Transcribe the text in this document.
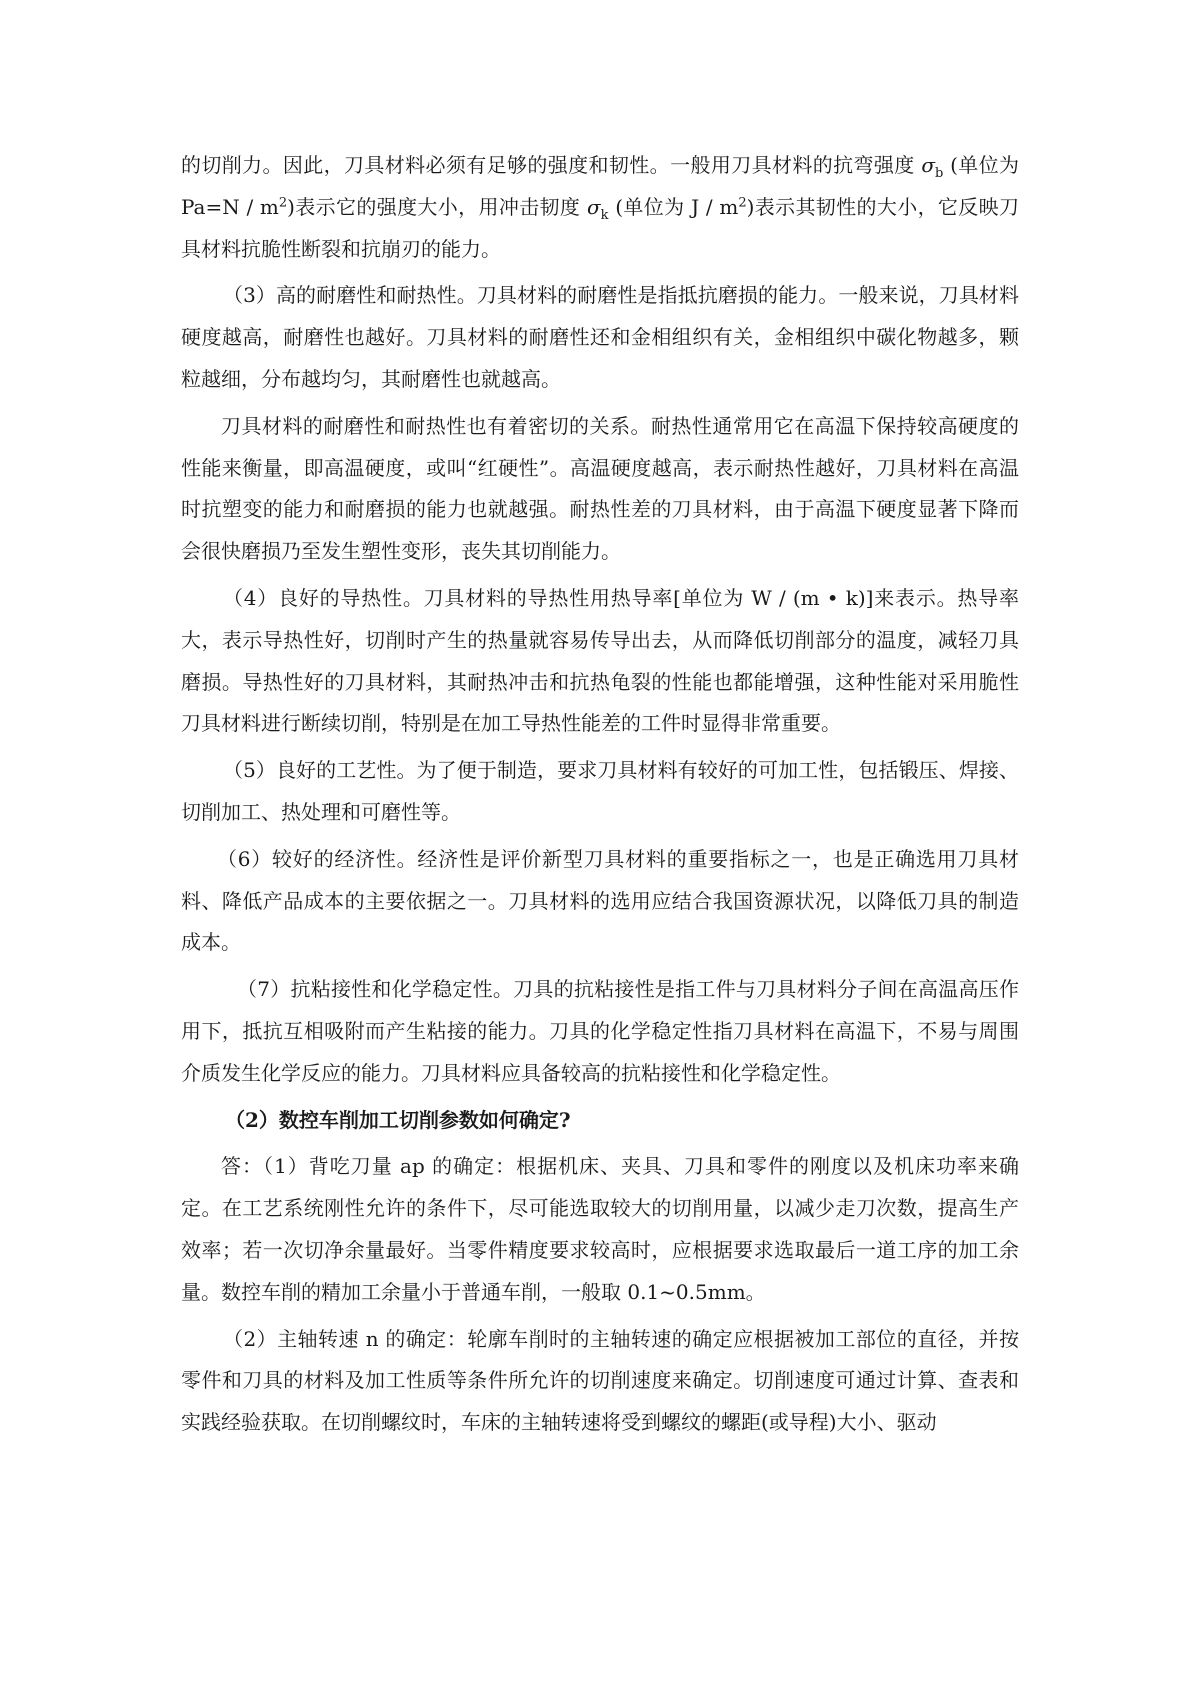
的切削力。因此，刀具材料必须有足够的强度和韧性。一般用刀具材料的抗弯强度 $\sigma_b$ (单位为 $Pa=N / m^2$)表示它的强度大小，用冲击韧度 $\sigma_k$ (单位为 J / $m^2$)表示其韧性的大小，它反映刀具材料抗脆性断裂和抗崩刃的能力。

（3）高的耐磨性和耐热性。刀具材料的耐磨性是指抵抗磨损的能力。一般来说，刀具材料硬度越高，耐磨性也越好。刀具材料的耐磨性还和金相组织有关，金相组织中碳化物越多，颗粒越细，分布越均匀，其耐磨性也就越高。

刀具材料的耐磨性和耐热性也有着密切的关系。耐热性通常用它在高温下保持较高硬度的性能来衡量，即高温硬度，或叫“红硬性”。高温硬度越高，表示耐热性越好，刀具材料在高温时抗塑变的能力和耐磨损的能力也就越强。耐热性差的刀具材料，由于高温下硬度显著下降而会很快磨损乃至发生塑性变形，丧失其切削能力。

（4）良好的导热性。刀具材料的导热性用热导率[单位为 W / (m • k)]来表示。热导率大，表示导热性好，切削时产生的热量就容易传导出去，从而降低切削部分的温度，减轻刀具磨损。导热性好的刀具材料，其耐热冲击和抗热龟裂的性能也都能增强，这种性能对采用脆性刀具材料进行断续切削，特别是在加工导热性能差的工件时显得非常重要。

（5）良好的工艺性。为了便于制造，要求刀具材料有较好的可加工性，包括锻压、焊接、切削加工、热处理和可磨性等。

（6）较好的经济性。经济性是评价新型刀具材料的重要指标之一，也是正确选用刀具材料、降低产品成本的主要依据之一。刀具材料的选用应结合我国资源状况，以降低刀具的制造成本。

（7）抗粘接性和化学稳定性。刀具的抗粘接性是指工件与刀具材料分子间在高温高压作用下，抵抗互相吸附而产生粘接的能力。刀具的化学稳定性指刀具材料在高温下，不易与周围介质发生化学反应的能力。刀具材料应具备较高的抗粘接性和化学稳定性。

（2）数控车削加工切削参数如何确定?

答：（1）背吃刀量 ap 的确定：根据机床、夹具、刀具和零件的刚度以及机床功率来确定。在工艺系统刚性允许的条件下，尽可能选取较大的切削用量，以减少走刀次数，提高生产效率；若一次切净余量最好。当零件精度要求较高时，应根据要求选取最后一道工序的加工余量。数控车削的精加工余量小于普通车削，一般取 0.1~0.5mm。

（2）主轴转速 n 的确定：轮廓车削时的主轴转速的确定应根据被加工部位的直径，并按零件和刀具的材料及加工性质等条件所允许的切削速度来确定。切削速度可通过计算、查表和实践经验获取。在切削螺纹时，车床的主轴转速将受到螺纹的螺距(或导程)大小、驱动
